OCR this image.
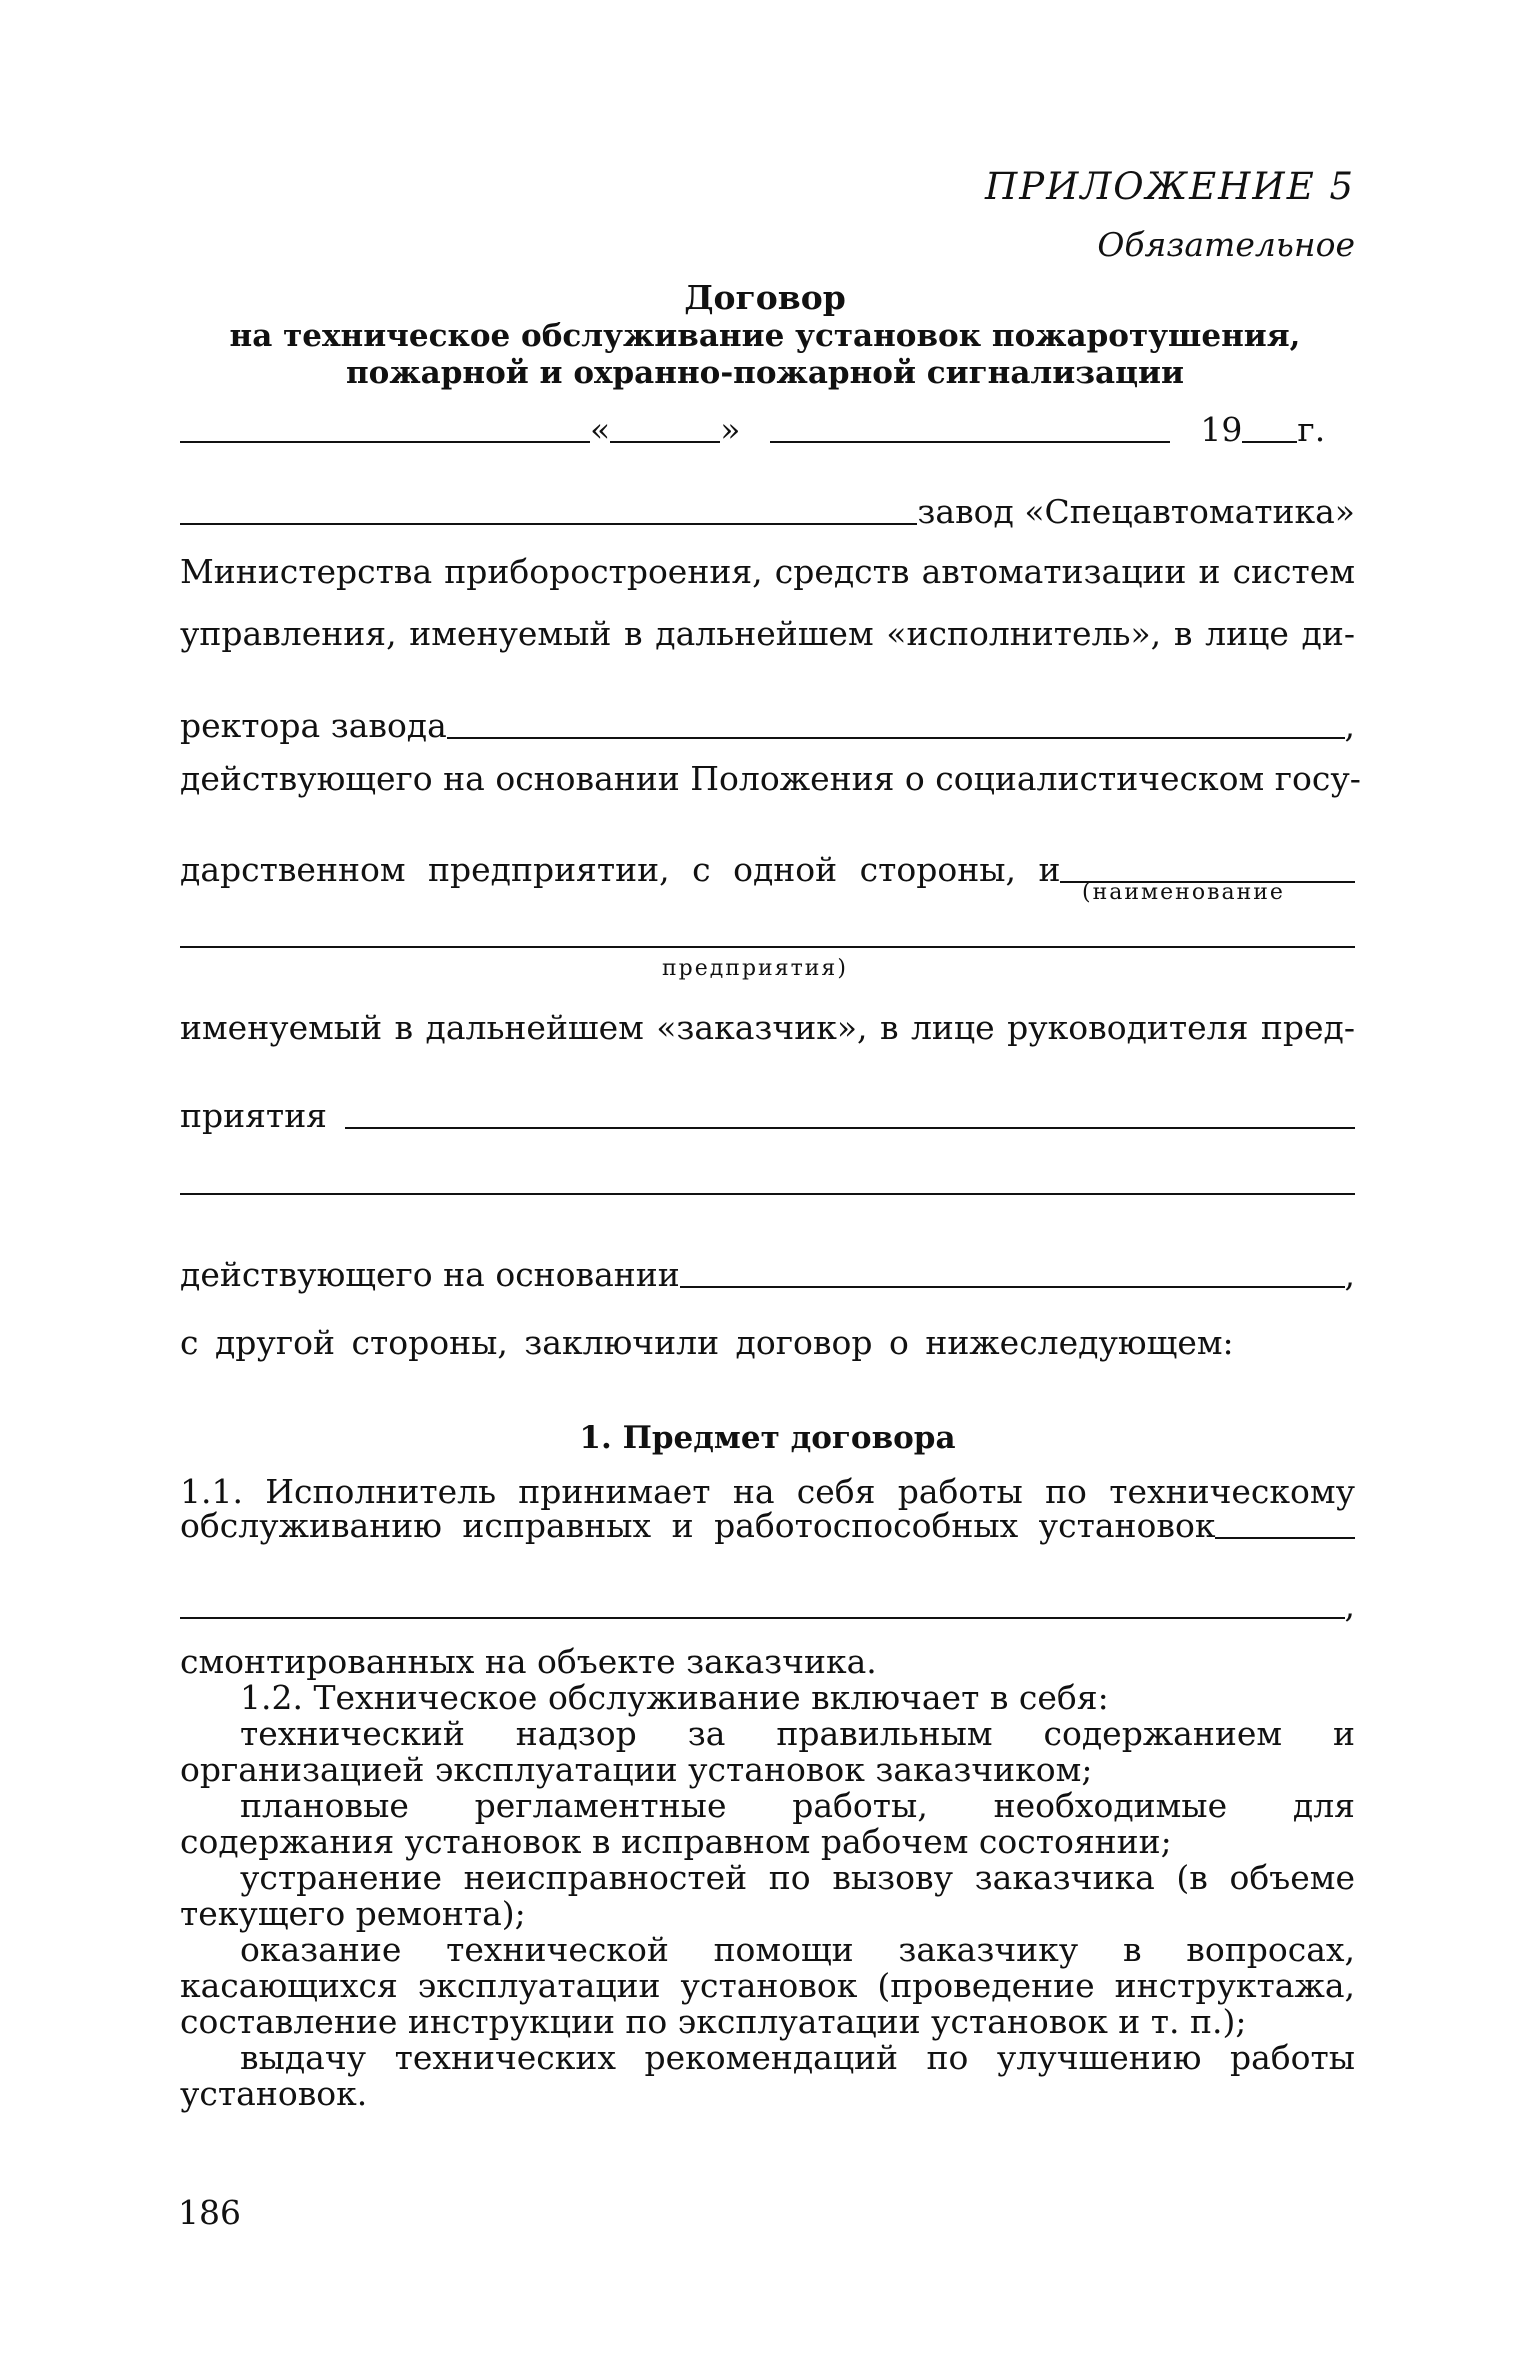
ПРИЛОЖЕНИЕ 5
Обязательное
Договор
на техническое обслуживание установок пожаротушения,
пожарной и охранно-пожарной сигнализации
«	»	19 г.
завод «Спецавтоматика»
Министерства приборостроения, средств автоматизации и систем
управления, именуемый в дальнейшем «исполнитель», в лице ди-
ректора завода	,
действующего на основании Положения о социалистическом госу-
дарственном предприятии, с одной стороны, и
(наименование
предприятия)
именуемый в дальнейшем «заказчик», в лице руководителя пред-
приятия
действующего на основании	,
с другой стороны, заключили договор о нижеследующем:
1. Предмет договора
1.1. Исполнитель принимает на себя работы по техническому
обслуживанию исправных и работоспособных установок
,

смонтированных на объекте заказчика.

1.2. Техническое обслуживание включает в себя:

технический надзор за правильным содержанием и организацией эксплуатации установок заказчиком;

плановые регламентные работы, необходимые для содержания установок в исправном рабочем состоянии;

устранение неисправностей по вызову заказчика (в объеме текущего ремонта);

оказание технической помощи заказчику в вопросах, касающихся эксплуатации установок (проведение инструктажа, составление инструкции по эксплуатации установок и т. п.);

выдачу технических рекомендаций по улучшению работы установок.

186
